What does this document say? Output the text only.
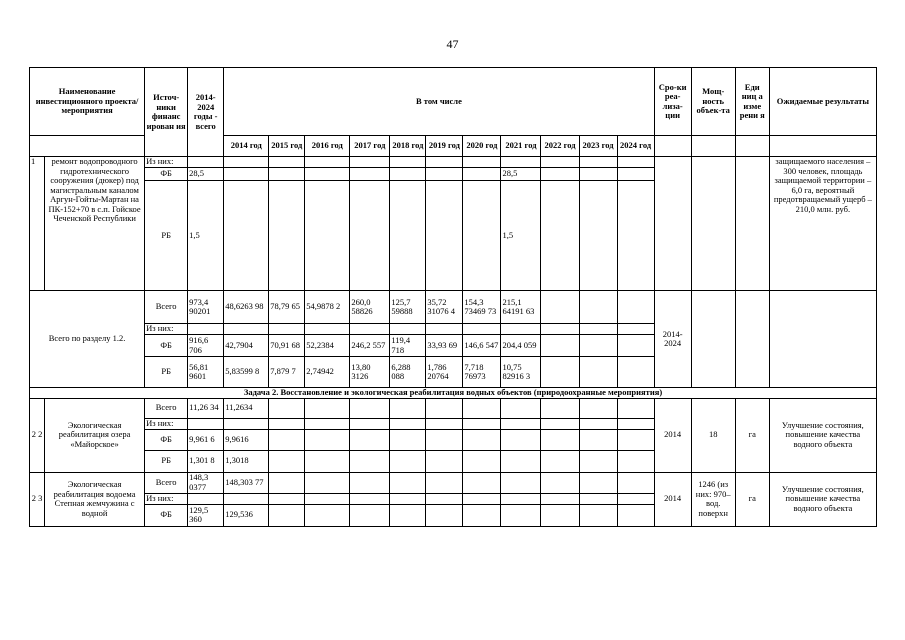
47
Наименование инвестиционного проекта/мероприятия		Источ-ники финанс ирован ия	2014-2024 годы - всего	В том числе											Сро-ки реа-лиза-ции	Мощ-ность объек-та	Еди ниц а изме рени я	Ожидаемые результаты
				2014 год	2015 год	2016 год	2017 год	2018 год	2019 год	2020 год	2021 год	2022 год	2023 год	2024 год				
1	ремонт водопроводного гидротехнического сооружения (дюкер) под магистральным каналом Аргун-Гойты-Мартан на ПК-152+70 в с.п. Гойское Чеченской Республики	Из них:																защищаемого населения – 300 человек, площадь защищаемой территории – 6,0 га, вероятный предотвращаемый ущерб – 210,0 млн. руб.
		ФБ	28,5								28,5							
		РБ	1,5								1,5							
Всего по разделу 1.2.		Всего	973,4 90201	48,6263 98	78,79 65	54,9878 2	260,0 58826	125,7 59888	35,72 31076 4	154,3 73469 73	215,1 64191 63				2014-2024			
		Из них:																
		ФБ	916,6 706	42,7904	70,91 68	52,2384	246,2 557	119,4 718	33,93 69	146,6 547	204,4 059							
		РБ	56,81 9601	5,83599 8	7,879 7	2,74942	13,80 3126	6,288 088	1,786 20764	7,718 76973	10,75 82916 3							
Задача 2. Восстановление и экологическая реабилитация водных объектов (природоохранные мероприятия)																		
2 2	Экологическая реабилитация озера «Майорское»	Всего	11,26 34	11,2634											2014	18	га	Улучшение состояния, повышение качества водного объекта
		Из них:																
		ФБ	9,961 6	9,9616														
		РБ	1,301 8	1,3018														
2 3	Экологическая реабилитация водоема Степная жемчужина с водной	Всего	148,3 0377	148,303 77											2014	1246 (из них: 970– вод. поверхн	га	Улучшение состояния, повышение качества водного объекта
		Из них:																
		ФБ	129,5 360	129,536														
